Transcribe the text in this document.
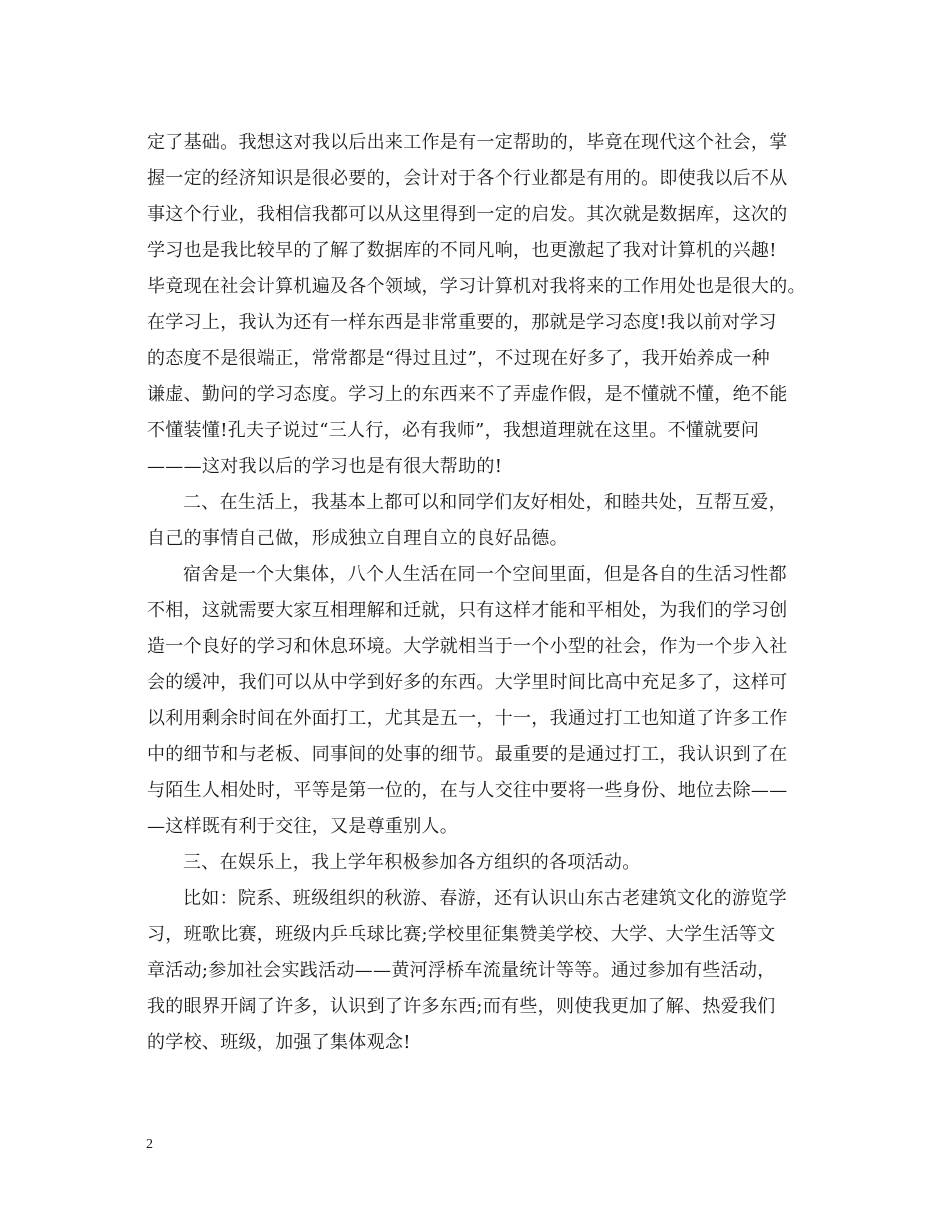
定了基础。我想这对我以后出来工作是有一定帮助的，毕竟在现代这个社会，掌
握一定的经济知识是很必要的，会计对于各个行业都是有用的。即使我以后不从
事这个行业，我相信我都可以从这里得到一定的启发。其次就是数据库，这次的
学习也是我比较早的了解了数据库的不同凡响，也更激起了我对计算机的兴趣!
毕竟现在社会计算机遍及各个领域，学习计算机对我将来的工作用处也是很大的。
在学习上，我认为还有一样东西是非常重要的，那就是学习态度!我以前对学习
的态度不是很端正，常常都是“得过且过”，不过现在好多了，我开始养成一种
谦虚、勤问的学习态度。学习上的东西来不了弄虚作假，是不懂就不懂，绝不能
不懂装懂!孔夫子说过“三人行，必有我师”，我想道理就在这里。不懂就要问
———这对我以后的学习也是有很大帮助的!
二、在生活上，我基本上都可以和同学们友好相处，和睦共处，互帮互爱，
自己的事情自己做，形成独立自理自立的良好品德。
宿舍是一个大集体，八个人生活在同一个空间里面，但是各自的生活习性都
不相，这就需要大家互相理解和迁就，只有这样才能和平相处，为我们的学习创
造一个良好的学习和休息环境。大学就相当于一个小型的社会，作为一个步入社
会的缓冲，我们可以从中学到好多的东西。大学里时间比高中充足多了，这样可
以利用剩余时间在外面打工，尤其是五一，十一，我通过打工也知道了许多工作
中的细节和与老板、同事间的处事的细节。最重要的是通过打工，我认识到了在
与陌生人相处时，平等是第一位的，在与人交往中要将一些身份、地位去除——
—这样既有利于交往，又是尊重别人。
三、在娱乐上，我上学年积极参加各方组织的各项活动。
比如：院系、班级组织的秋游、春游，还有认识山东古老建筑文化的游览学
习，班歌比赛，班级内乒乓球比赛;学校里征集赞美学校、大学、大学生活等文
章活动;参加社会实践活动——黄河浮桥车流量统计等等。通过参加有些活动，
我的眼界开阔了许多，认识到了许多东西;而有些，则使我更加了解、热爱我们
的学校、班级，加强了集体观念!
2
